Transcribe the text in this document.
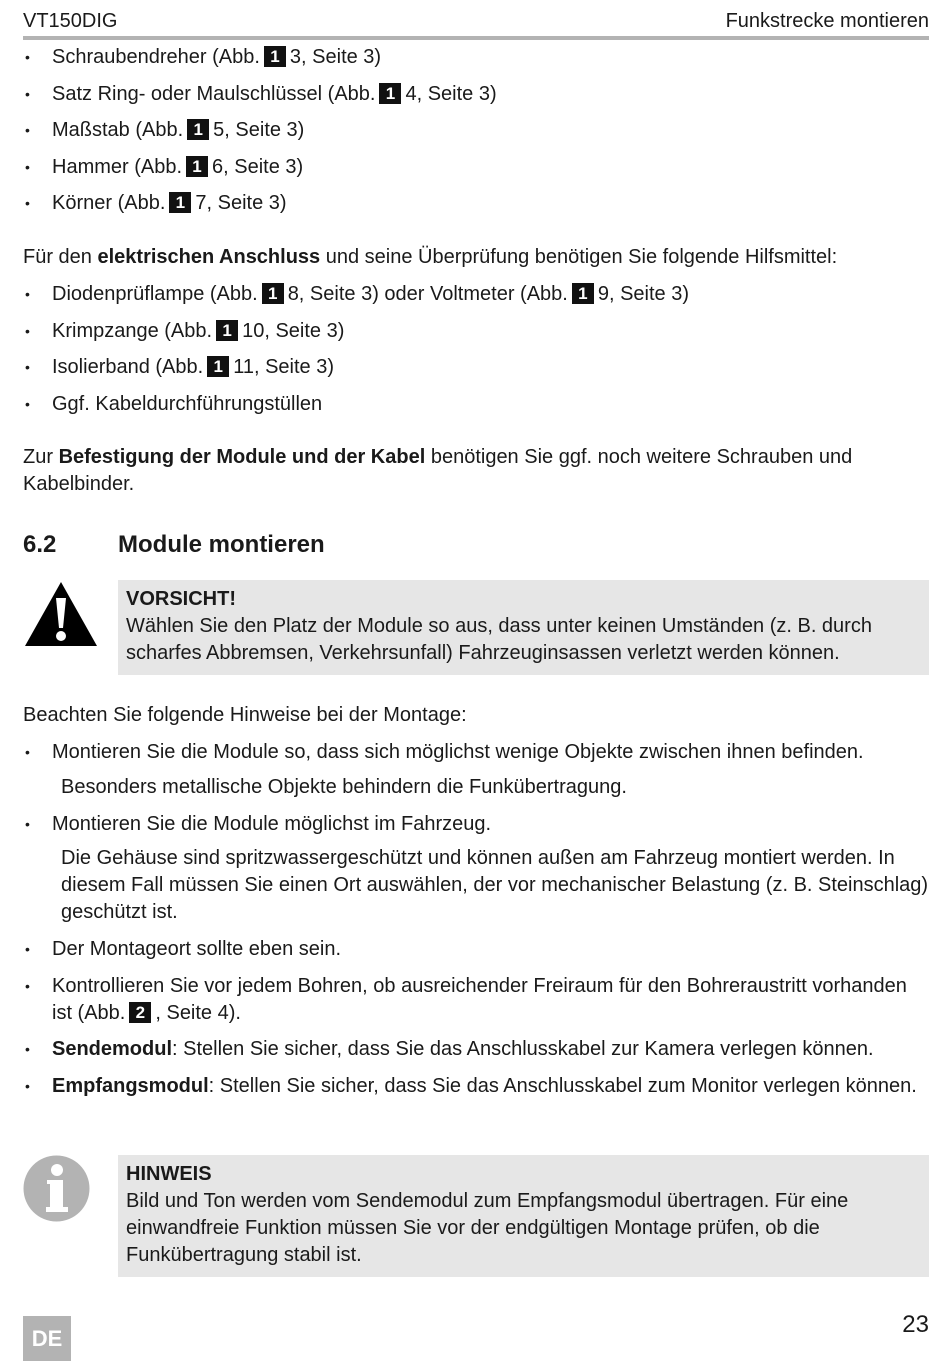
VT150DIG	Funkstrecke montieren
• Schraubendreher (Abb. 1 3, Seite 3)
• Satz Ring- oder Maulschlüssel (Abb. 1 4, Seite 3)
• Maßstab (Abb. 1 5, Seite 3)
• Hammer (Abb. 1 6, Seite 3)
• Körner (Abb. 1 7, Seite 3)

Für den elektrischen Anschluss und seine Überprüfung benötigen Sie folgende Hilfsmittel:

• Diodenprüflampe (Abb. 1 8, Seite 3) oder Voltmeter (Abb. 1 9, Seite 3)
• Krimpzange (Abb. 1 10, Seite 3)
• Isolierband (Abb. 1 11, Seite 3)
• Ggf. Kabeldurchführungstüllen

Zur Befestigung der Module und der Kabel benötigen Sie ggf. noch weitere Schrauben und Kabelbinder.

6.2	Module montieren
VORSICHT!
Wählen Sie den Platz der Module so aus, dass unter keinen Umständen (z. B. durch scharfes Abbremsen, Verkehrsunfall) Fahrzeuginsassen verletzt werden können.

Beachten Sie folgende Hinweise bei der Montage:

• Montieren Sie die Module so, dass sich möglichst wenige Objekte zwischen ihnen befinden.

Besonders metallische Objekte behindern die Funkübertragung.

• Montieren Sie die Module möglichst im Fahrzeug.

Die Gehäuse sind spritzwassergeschützt und können außen am Fahrzeug montiert werden. In diesem Fall müssen Sie einen Ort auswählen, der vor mechanischer Belastung (z. B. Steinschlag) geschützt ist.

• Der Montageort sollte eben sein.
• Kontrollieren Sie vor jedem Bohren, ob ausreichender Freiraum für den Bohreraustritt vorhanden ist (Abb. 2 , Seite 4).
• Sendemodul: Stellen Sie sicher, dass Sie das Anschlusskabel zur Kamera verlegen können.
• Empfangsmodul: Stellen Sie sicher, dass Sie das Anschlusskabel zum Monitor verlegen können.
HINWEIS
Bild und Ton werden vom Sendemodul zum Empfangsmodul übertragen. Für eine einwandfreie Funktion müssen Sie vor der endgültigen Montage prüfen, ob die Funkübertragung stabil ist.
DE
23
